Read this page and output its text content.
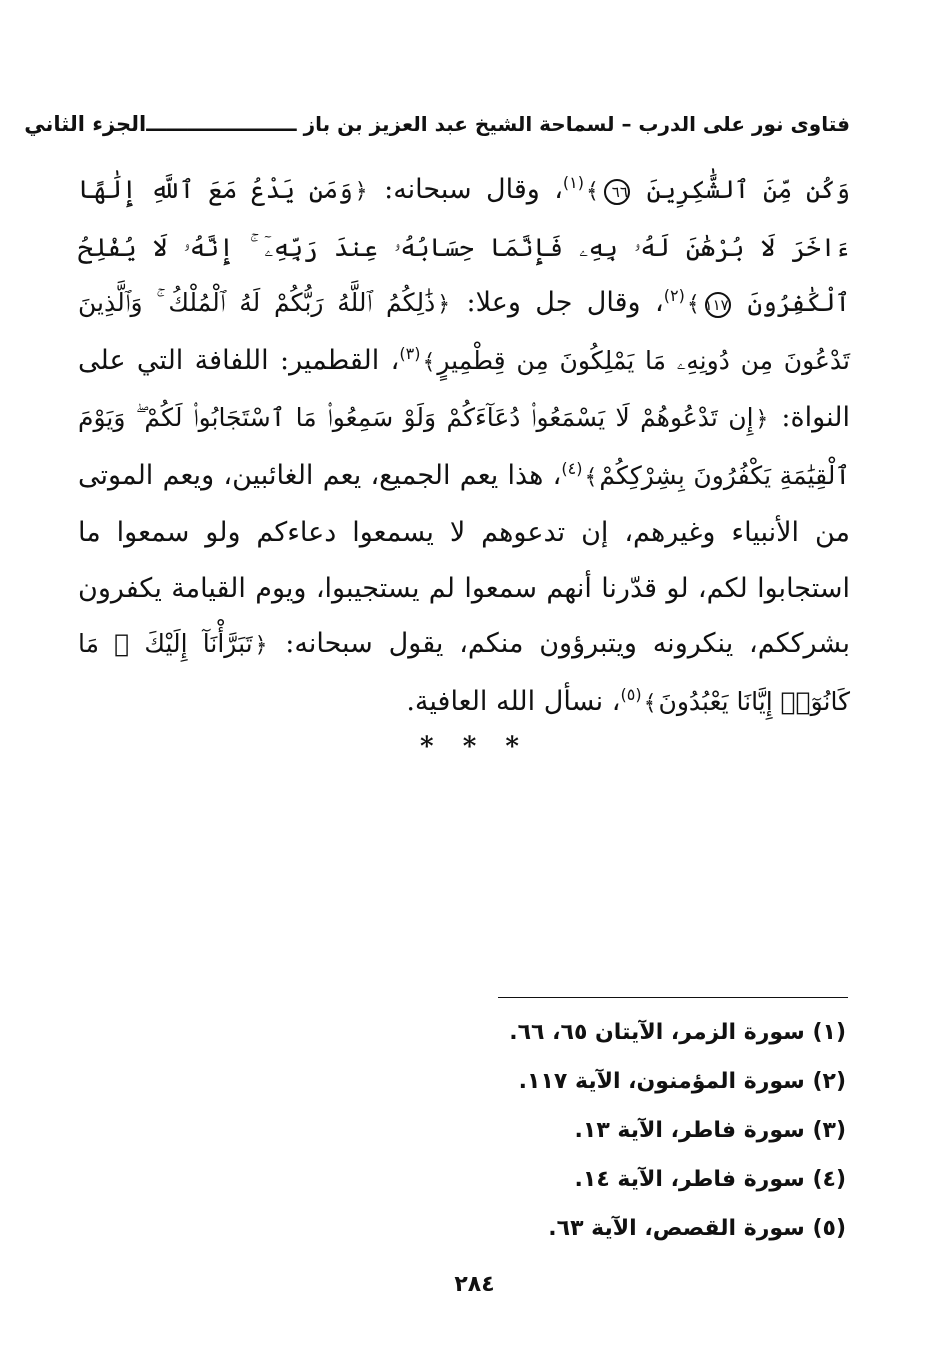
فتاوى نور على الدرب – لسماحة الشيخ عبد العزيز بن باز ــــــــــــــــــــــ
الجزء الثاني

وَكُن مِّنَ ٱلشَّٰكِرِينَ ٦٦﴾$^{(١)}$، وقال سبحانه: ﴿وَمَن يَدْعُ مَعَ ٱللَّهِ إِلَٰهًا ءَاخَرَ لَا بُرْهَٰنَ لَهُۥ بِهِۦ فَإِنَّمَا حِسَابُهُۥ عِندَ رَبِّهِۦٓ ۚ إِنَّهُۥ لَا يُفْلِحُ ٱلْكَٰفِرُونَ ١١٧﴾$^{(٢)}$، وقال جل وعلا: ﴿ذَٰلِكُمُ ٱللَّهُ رَبُّكُمْ لَهُ ٱلْمُلْكُ ۚ وَٱلَّذِينَ تَدْعُونَ مِن دُونِهِۦ مَا يَمْلِكُونَ مِن قِطْمِيرٍ﴾$^{(٣)}$، القطمير: اللفافة التي على النواة: ﴿إِن تَدْعُوهُمْ لَا يَسْمَعُوا۟ دُعَآءَكُمْ وَلَوْ سَمِعُوا۟ مَا ٱسْتَجَابُوا۟ لَكُمْ ۖ وَيَوْمَ ٱلْقِيَٰمَةِ يَكْفُرُونَ بِشِرْكِكُمْ﴾$^{(٤)}$، هذا يعم الجميع، يعم الغائبين، ويعم الموتى من الأنبياء وغيرهم، إن تدعوهم لا يسمعوا دعاءكم ولو سمعوا ما استجابوا لكم، لو قدّرنا أنهم سمعوا لم يستجيبوا، ويوم القيامة يكفرون بشرككم، ينكرونه ويتبرؤون منكم، يقول سبحانه: ﴿تَبَرَّأْنَآ إِلَيْكَ ۖ مَا كَانُوٓا۟ إِيَّانَا يَعْبُدُونَ﴾$^{(٥)}$، نسأل الله العافية.

* * *
(١) سورة الزمر، الآيتان ٦٥، ٦٦.
(٢) سورة المؤمنون، الآية ١١٧.
(٣) سورة فاطر، الآية ١٣.
(٤) سورة فاطر، الآية ١٤.
(٥) سورة القصص، الآية ٦٣.
٢٨٤
